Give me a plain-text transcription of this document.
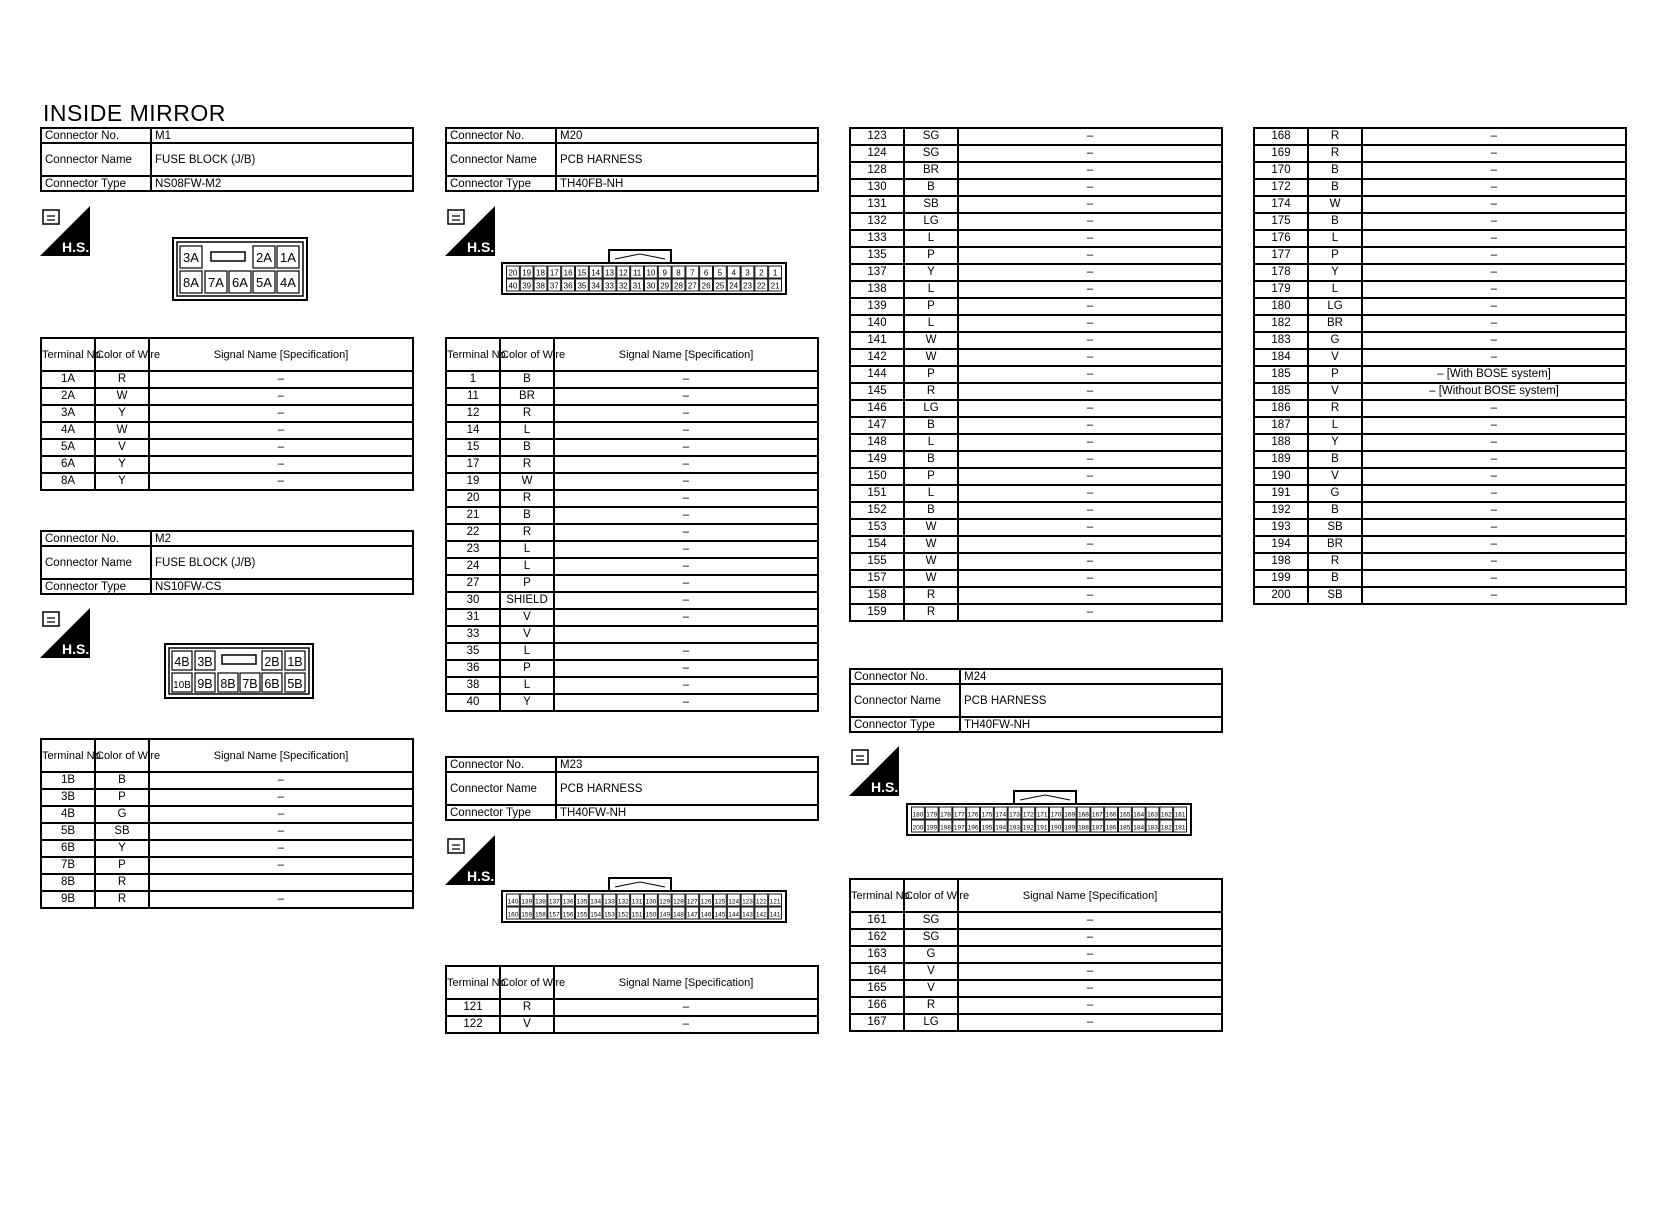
INSIDE MIRROR
Connector No.	M1
Connector Name	FUSE BLOCK (J/B)
Connector Type	NS08FW-M2
H.S.
3A	2A 1A
8A 7A 6A 5A 4A
Terminal No.	Color of Wire	Signal Name [Specification]
1A	R	–
2A	W	–
3A	Y	–
4A	W	–
5A	V	–
6A	Y	–
8A	Y	–
Connector No.	M2
Connector Name	FUSE BLOCK (J/B)
Connector Type	NS10FW-CS
H.S.
4B 3B	2B 1B
10B 9B 8B 7B 6B 5B
Terminal No.	Color of Wire	Signal Name [Specification]
1B	B	–
3B	P	–
4B	G	–
5B	SB	–
6B	Y	–
7B	P	–
8B	R	
9B	R	–
Connector No.	M20
Connector Name	PCB HARNESS
Connector Type	TH40FB-NH
H.S.
20 19 18 17 16 15 14 13 12 11 10 9 8 7 6 5 4 3 2 1
40 39 38 37 36 35 34 33 32 31 30 29 28 27 26 25 24 23 22 21
Terminal No.	Color of Wire	Signal Name [Specification]
1	B	–
11	BR	–
12	R	–
14	L	–
15	B	–
17	R	–
19	W	–
20	R	–
21	B	–
22	R	–
23	L	–
24	L	–
27	P	–
30	SHIELD	–
31	V	–
33	V	
35	L	–
36	P	–
38	L	–
40	Y	–
Connector No.	M23
Connector Name	PCB HARNESS
Connector Type	TH40FW-NH
H.S.
140 139 138 137 136 135 134 133 132 131 130 129 128 127 126 125 124 123 122 121
160 159 158 157 156 155 154 153 152 151 150 149 148 147 146 145 144 143 142 141
Terminal No.	Color of Wire	Signal Name [Specification]
121	R	–
122	V	–
123	SG	–
124	SG	–
128	BR	–
130	B	–
131	SB	–
132	LG	–
133	L	–
135	P	–
137	Y	–
138	L	–
139	P	–
140	L	–
141	W	–
142	W	–
144	P	–
145	R	–
146	LG	–
147	B	–
148	L	–
149	B	–
150	P	–
151	L	–
152	B	–
153	W	–
154	W	–
155	W	–
157	W	–
158	R	–
159	R	–
Connector No.	M24
Connector Name	PCB HARNESS
Connector Type	TH40FW-NH
H.S.
180 179 178 177 176 175 174 173 172 171 170 169 168 167 166 165 164 163 162 161
200 199 198 197 196 195 194 193 192 191 190 189 188 187 186 185 184 183 182 181
Terminal No.	Color of Wire	Signal Name [Specification]
161	SG	–
162	SG	–
163	G	–
164	V	–
165	V	–
166	R	–
167	LG	–
168	R	–
169	R	–
170	B	–
172	B	–
174	W	–
175	B	–
176	L	–
177	P	–
178	Y	–
179	L	–
180	LG	–
182	BR	–
183	G	–
184	V	–
185	P	– [With BOSE system]
185	V	– [Without BOSE system]
186	R	–
187	L	–
188	Y	–
189	B	–
190	V	–
191	G	–
192	B	–
193	SB	–
194	BR	–
198	R	–
199	B	–
200	SB	–
